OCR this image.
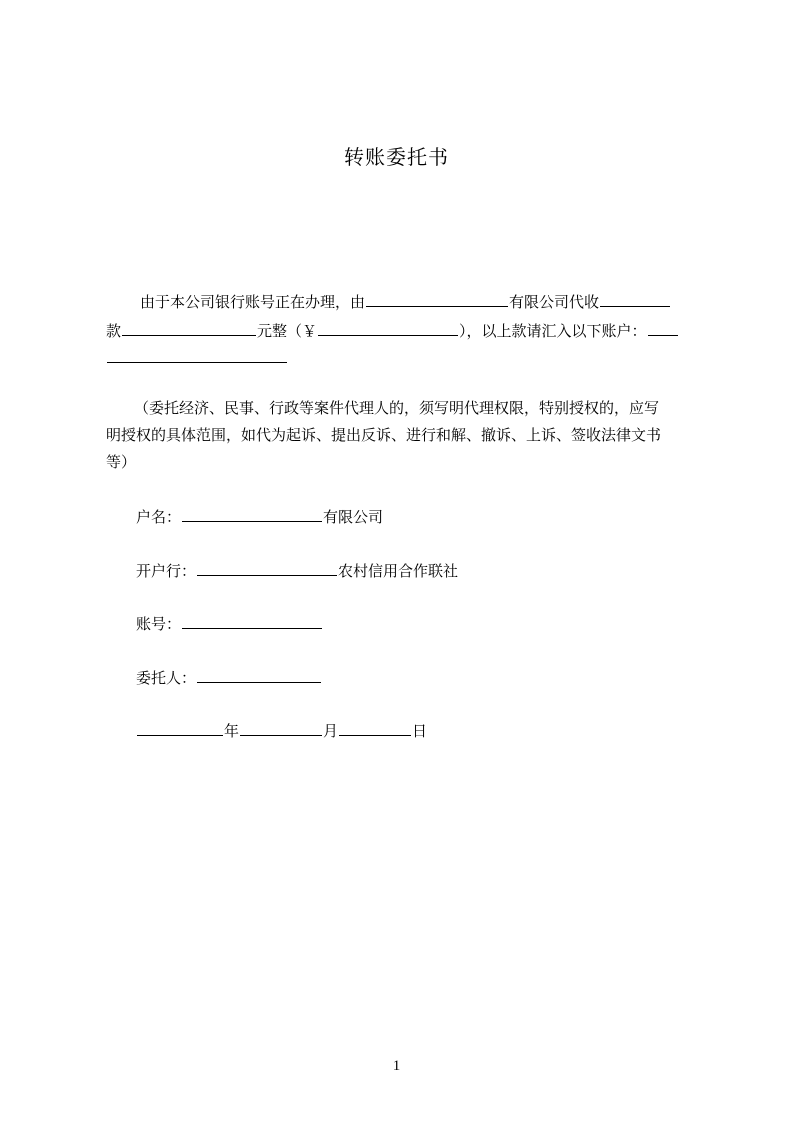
转账委托书
由于本公司银行账号正在办理，由	有限公司代收
款	元整（￥	），以上款请汇入以下账户：
（委托经济、民事、行政等案件代理人的，须写明代理权限，特别授权的，应写
明授权的具体范围，如代为起诉、提出反诉、进行和解、撤诉、上诉、签收法律文书
等）
户名：	有限公司
开户行：	农村信用合作联社
账号：
委托人：
年	月	日
1
